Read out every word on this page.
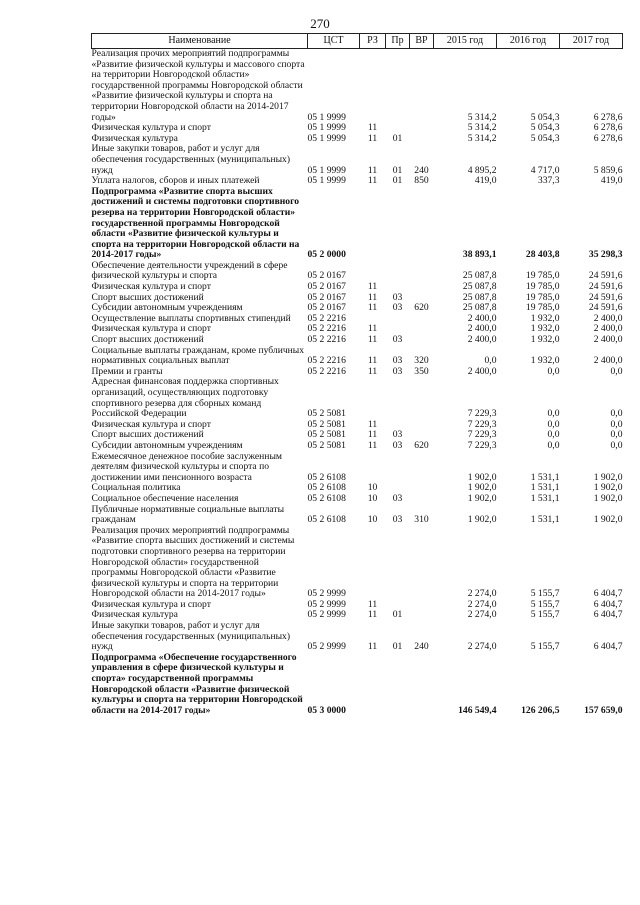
270
Наименование	ЦСТ	РЗ	Пр	ВР	2015 год	2016 год	2017 год
Реализация прочих мероприятий подпрограммы «Развитие физической культуры и массового спорта на территории Новгородской области» государственной программы Новгородской области «Развитие физической культуры и спорта на территории Новгородской области на 2014-2017 годы»	05 1 9999				5 314,2	5 054,3	6 278,6
Физическая культура и спорт	05 1 9999	11			5 314,2	5 054,3	6 278,6
Физическая культура	05 1 9999	11	01		5 314,2	5 054,3	6 278,6
Иные закупки товаров, работ и услуг для обеспечения государственных (муниципальных) нужд	05 1 9999	11	01	240	4 895,2	4 717,0	5 859,6
Уплата налогов, сборов и иных платежей	05 1 9999	11	01	850	419,0	337,3	419,0
Подпрограмма «Развитие спорта высших достижений и системы подготовки спортивного резерва на территории Новгородской области» государственной программы Новгородской области «Развитие физической культуры и спорта на территории Новгородской области на 2014-2017 годы»	05 2 0000				38 893,1	28 403,8	35 298,3
Обеспечение деятельности учреждений в сфере физической культуры и спорта	05 2 0167				25 087,8	19 785,0	24 591,6
Физическая культура и спорт	05 2 0167	11			25 087,8	19 785,0	24 591,6
Спорт высших достижений	05 2 0167	11	03		25 087,8	19 785,0	24 591,6
Субсидии автономным учреждениям	05 2 0167	11	03	620	25 087,8	19 785,0	24 591,6
Осуществление выплаты спортивных стипендий	05 2 2216				2 400,0	1 932,0	2 400,0
Физическая культура и спорт	05 2 2216	11			2 400,0	1 932,0	2 400,0
Спорт высших достижений	05 2 2216	11	03		2 400,0	1 932,0	2 400,0
Социальные выплаты гражданам, кроме публичных нормативных социальных выплат	05 2 2216	11	03	320	0,0	1 932,0	2 400,0
Премии и гранты	05 2 2216	11	03	350	2 400,0	0,0	0,0
Адресная финансовая поддержка спортивных организаций, осуществляющих подготовку спортивного резерва для сборных команд Российской Федерации	05 2 5081				7 229,3	0,0	0,0
Физическая культура и спорт	05 2 5081	11			7 229,3	0,0	0,0
Спорт высших достижений	05 2 5081	11	03		7 229,3	0,0	0,0
Субсидии автономным учреждениям	05 2 5081	11	03	620	7 229,3	0,0	0,0
Ежемесячное денежное пособие заслуженным деятелям физической культуры и спорта по достижении ими пенсионного возраста	05 2 6108				1 902,0	1 531,1	1 902,0
Социальная политика	05 2 6108	10			1 902,0	1 531,1	1 902,0
Социальное обеспечение населения	05 2 6108	10	03		1 902,0	1 531,1	1 902,0
Публичные нормативные социальные выплаты гражданам	05 2 6108	10	03	310	1 902,0	1 531,1	1 902,0
Реализация прочих мероприятий подпрограммы «Развитие спорта высших достижений и системы подготовки спортивного резерва на территории Новгородской области» государственной программы Новгородской области «Развитие физической культуры и спорта на территории Новгородской области на 2014-2017 годы»	05 2 9999				2 274,0	5 155,7	6 404,7
Физическая культура и спорт	05 2 9999	11			2 274,0	5 155,7	6 404,7
Физическая культура	05 2 9999	11	01		2 274,0	5 155,7	6 404,7
Иные закупки товаров, работ и услуг для обеспечения государственных (муниципальных) нужд	05 2 9999	11	01	240	2 274,0	5 155,7	6 404,7
Подпрограмма «Обеспечение государственного управления в сфере физической культуры и спорта» государственной программы Новгородской области «Развитие физической культуры и спорта на территории Новгородской области на 2014-2017 годы»	05 3 0000				146 549,4	126 206,5	157 659,0
